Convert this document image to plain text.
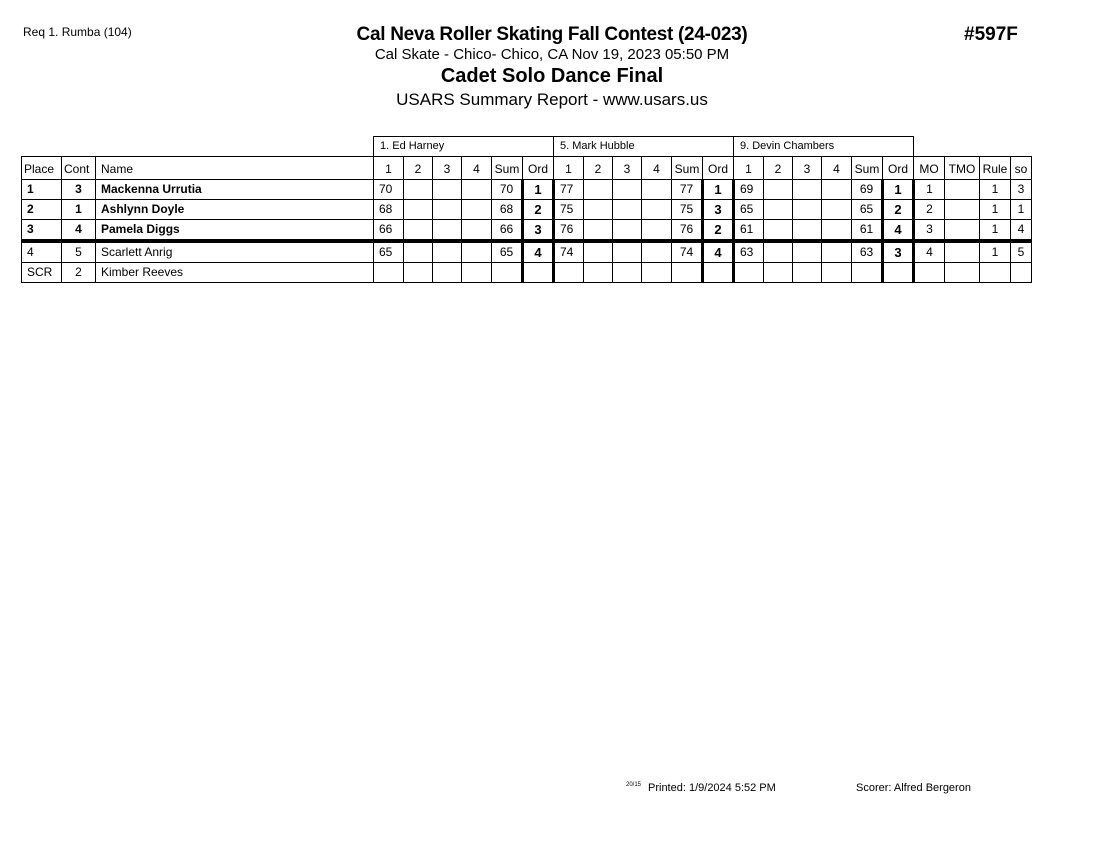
Req 1. Rumba (104)	#597F
Cal Neva Roller Skating Fall Contest (24-023)
Cal Skate - Chico- Chico, CA Nov 19, 2023 05:50 PM
Cadet Solo Dance Final
USARS Summary Report - www.usars.us
			1. Ed Harney						5. Mark Hubble						9. Devin Chambers									
Place	Cont	Name	1	2	3	4	Sum	Ord	1	2	3	4	Sum	Ord	1	2	3	4	Sum	Ord	MO	TMO	Rule	so
1	3	Mackenna Urrutia	70				70	1	77				77	1	69				69	1	1		1	3
2	1	Ashlynn Doyle	68				68	2	75				75	3	65				65	2	2		1	1
3	4	Pamela Diggs	66				66	3	76				76	2	61				61	4	3		1	4
4	5	Scarlett Anrig	65				65	4	74				74	4	63				63	3	4		1	5
SCR	2	Kimber Reeves																						
20/15 Printed: 1/9/2024 5:52 PM	Scorer: Alfred Bergeron
